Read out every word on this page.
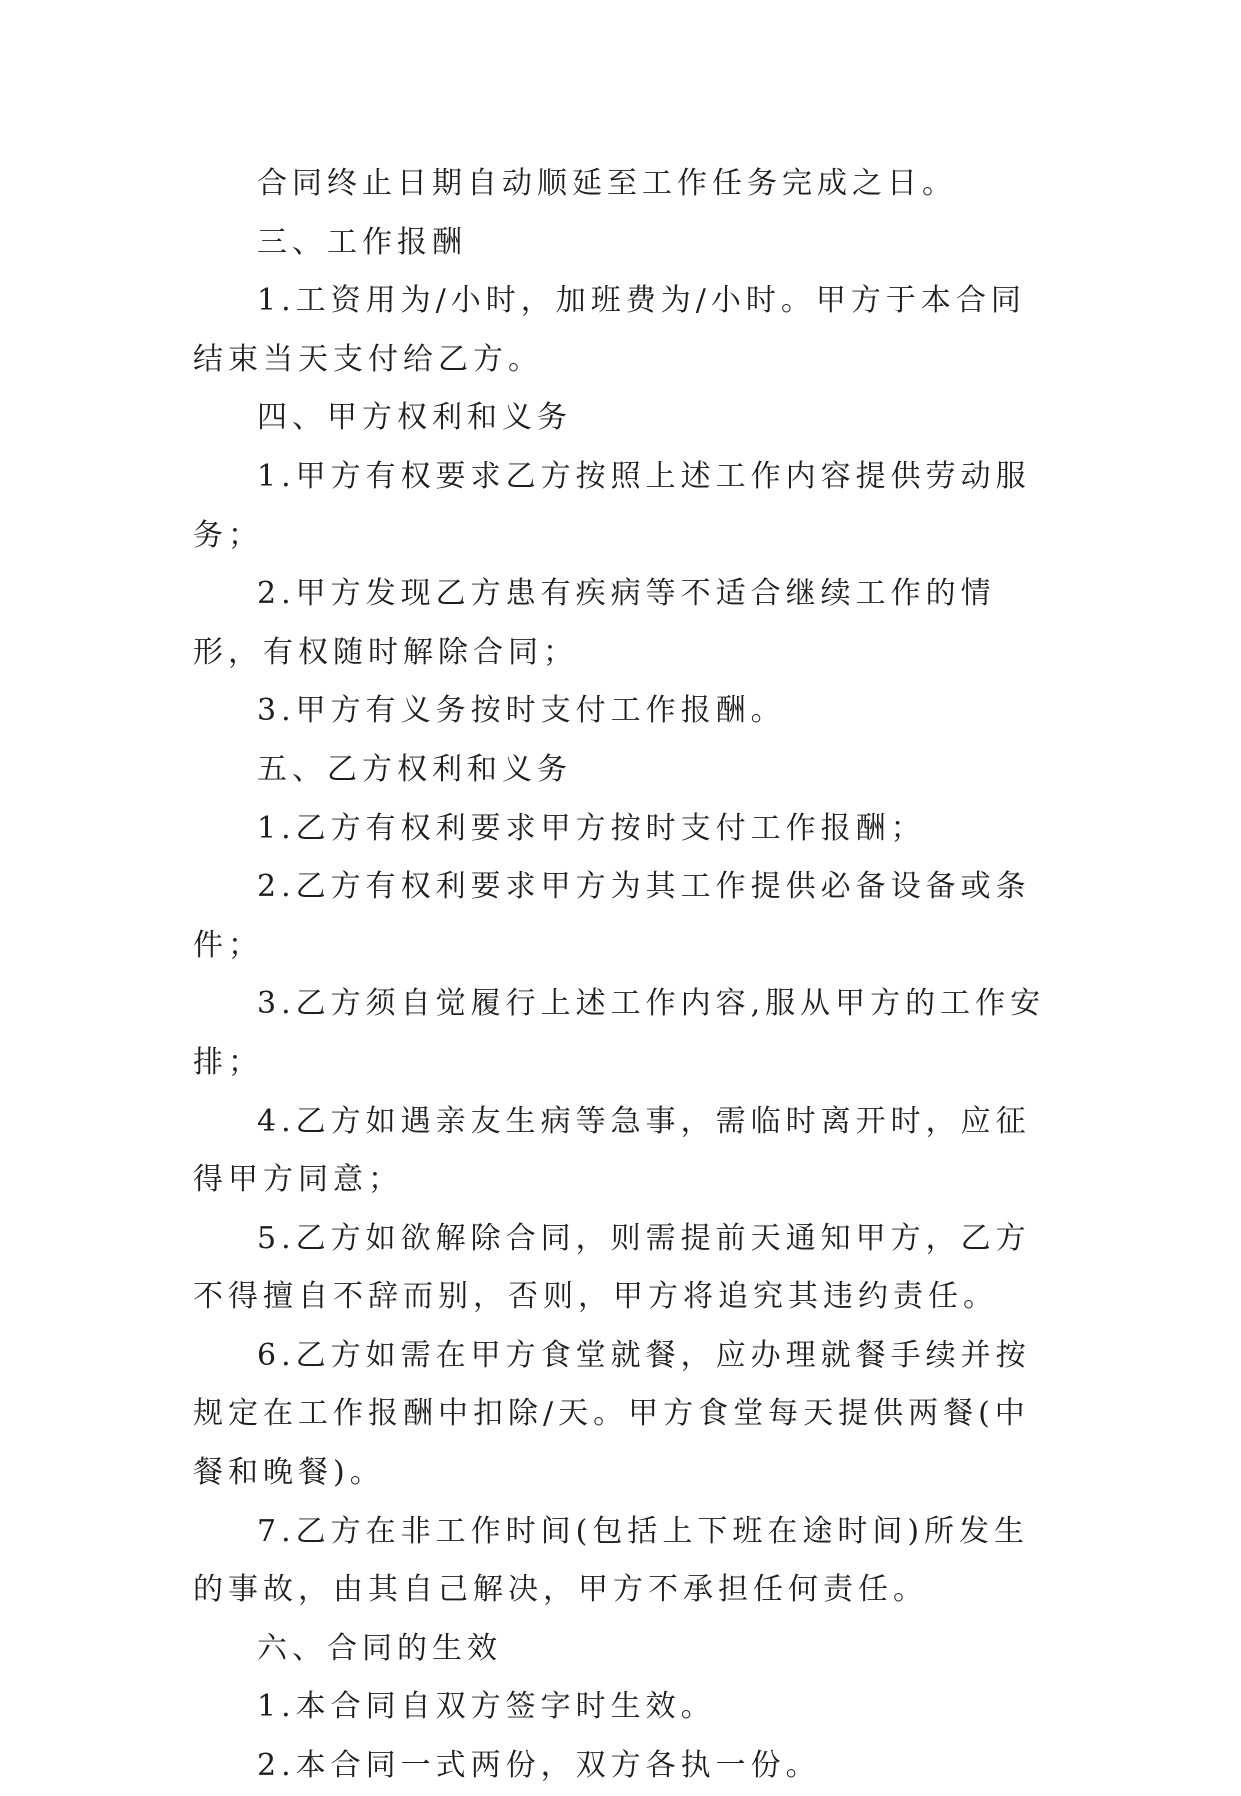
合同终止日期自动顺延至工作任务完成之日。

三、工作报酬

1.工资用为/小时，加班费为/小时。甲方于本合同结束当天支付给乙方。

四、甲方权利和义务

1.甲方有权要求乙方按照上述工作内容提供劳动服务；

2.甲方发现乙方患有疾病等不适合继续工作的情形，有权随时解除合同；

3.甲方有义务按时支付工作报酬。

五、乙方权利和义务

1.乙方有权利要求甲方按时支付工作报酬；

2.乙方有权利要求甲方为其工作提供必备设备或条件；

3.乙方须自觉履行上述工作内容,服从甲方的工作安排；

4.乙方如遇亲友生病等急事，需临时离开时，应征得甲方同意；

5.乙方如欲解除合同，则需提前天通知甲方，乙方不得擅自不辞而别，否则，甲方将追究其违约责任。

6.乙方如需在甲方食堂就餐，应办理就餐手续并按规定在工作报酬中扣除/天。甲方食堂每天提供两餐(中餐和晚餐)。

7.乙方在非工作时间(包括上下班在途时间)所发生的事故，由其自己解决，甲方不承担任何责任。

六、合同的生效

1.本合同自双方签字时生效。

2.本合同一式两份，双方各执一份。
